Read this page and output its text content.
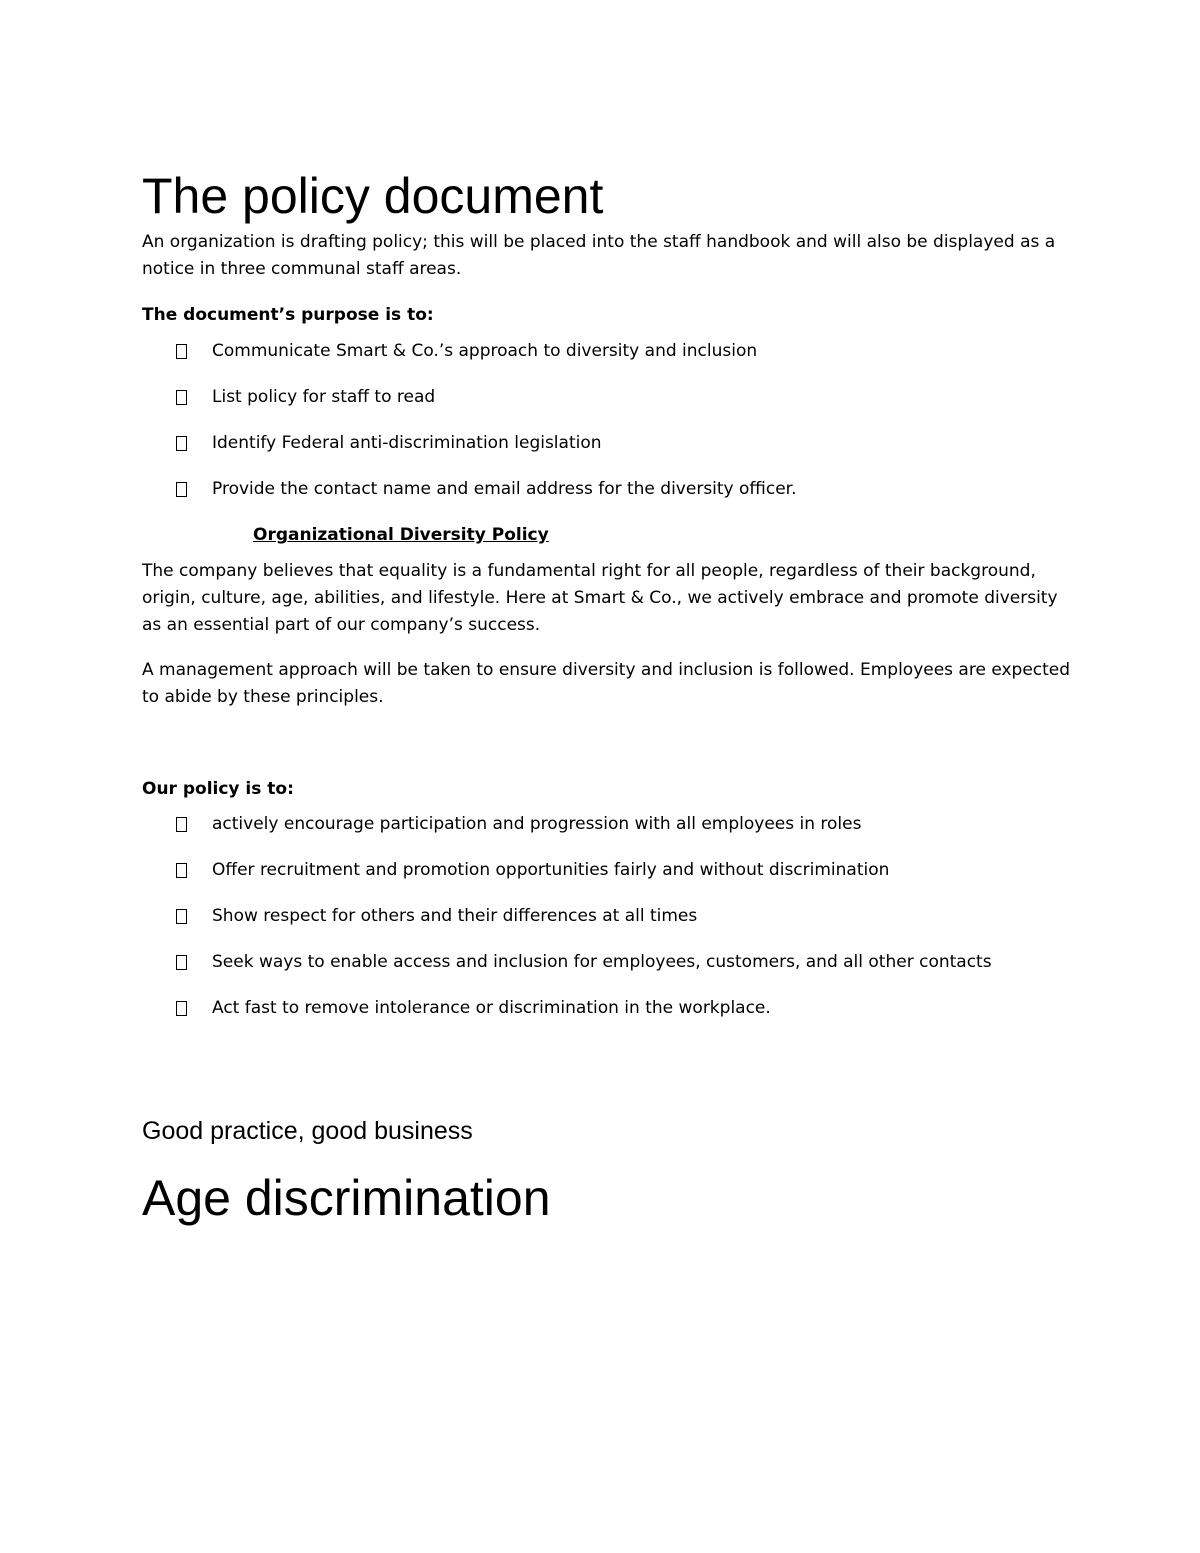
The policy document

An organization is drafting policy; this will be placed into the staff handbook and will also be displayed as a notice in three communal staff areas.

The document’s purpose is to:

Communicate Smart & Co.’s approach to diversity and inclusion
List policy for staff to read
Identify Federal anti-discrimination legislation
Provide the contact name and email address for the diversity officer.

Organizational Diversity Policy

The company believes that equality is a fundamental right for all people, regardless of their background, origin, culture, age, abilities, and lifestyle. Here at Smart & Co., we actively embrace and promote diversity as an essential part of our company’s success.

A management approach will be taken to ensure diversity and inclusion is followed. Employees are expected to abide by these principles.

Our policy is to:

actively encourage participation and progression with all employees in roles
Offer recruitment and promotion opportunities fairly and without discrimination
Show respect for others and their differences at all times
Seek ways to enable access and inclusion for employees, customers, and all other contacts
Act fast to remove intolerance or discrimination in the workplace.
Good practice, good business
Age discrimination
